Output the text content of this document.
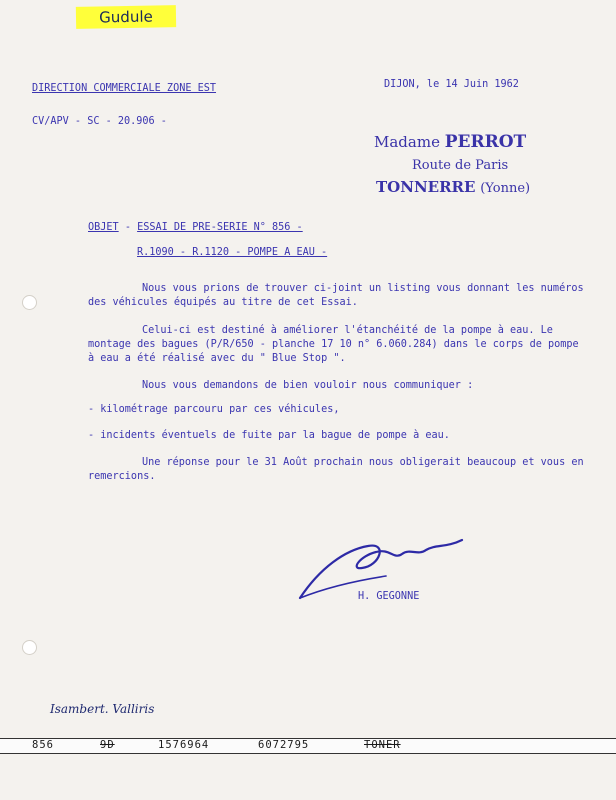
Gudule
DIRECTION COMMERCIALE ZONE EST
CV/APV - SC - 20.906 -
DIJON, le 14 Juin 1962
Madame PERROT
Route de Paris
TONNERRE (Yonne)
OBJET - ESSAI DE PRE-SERIE N° 856 -
R.1090 - R.1120 - POMPE A EAU -
Nous vous prions de trouver ci-joint un listing vous donnant les numéros des véhicules équipés au titre de cet Essai.
Celui-ci est destiné à améliorer l'étanchéité de la pompe à eau. Le montage des bagues (P/R/650 - planche 17 10 n° 6.060.284) dans le corps de pompe à eau a été réalisé avec du " Blue Stop ".
Nous vous demandons de bien vouloir nous communiquer :
- kilométrage parcouru par ces véhicules,
- incidents éventuels de fuite par la bague de pompe à eau.
Une réponse pour le 31 Août prochain nous obligerait beaucoup et vous en remercions.
H. GEGONNE
Isambert. Valliris
856	9D	1576964	6072795	TONER
